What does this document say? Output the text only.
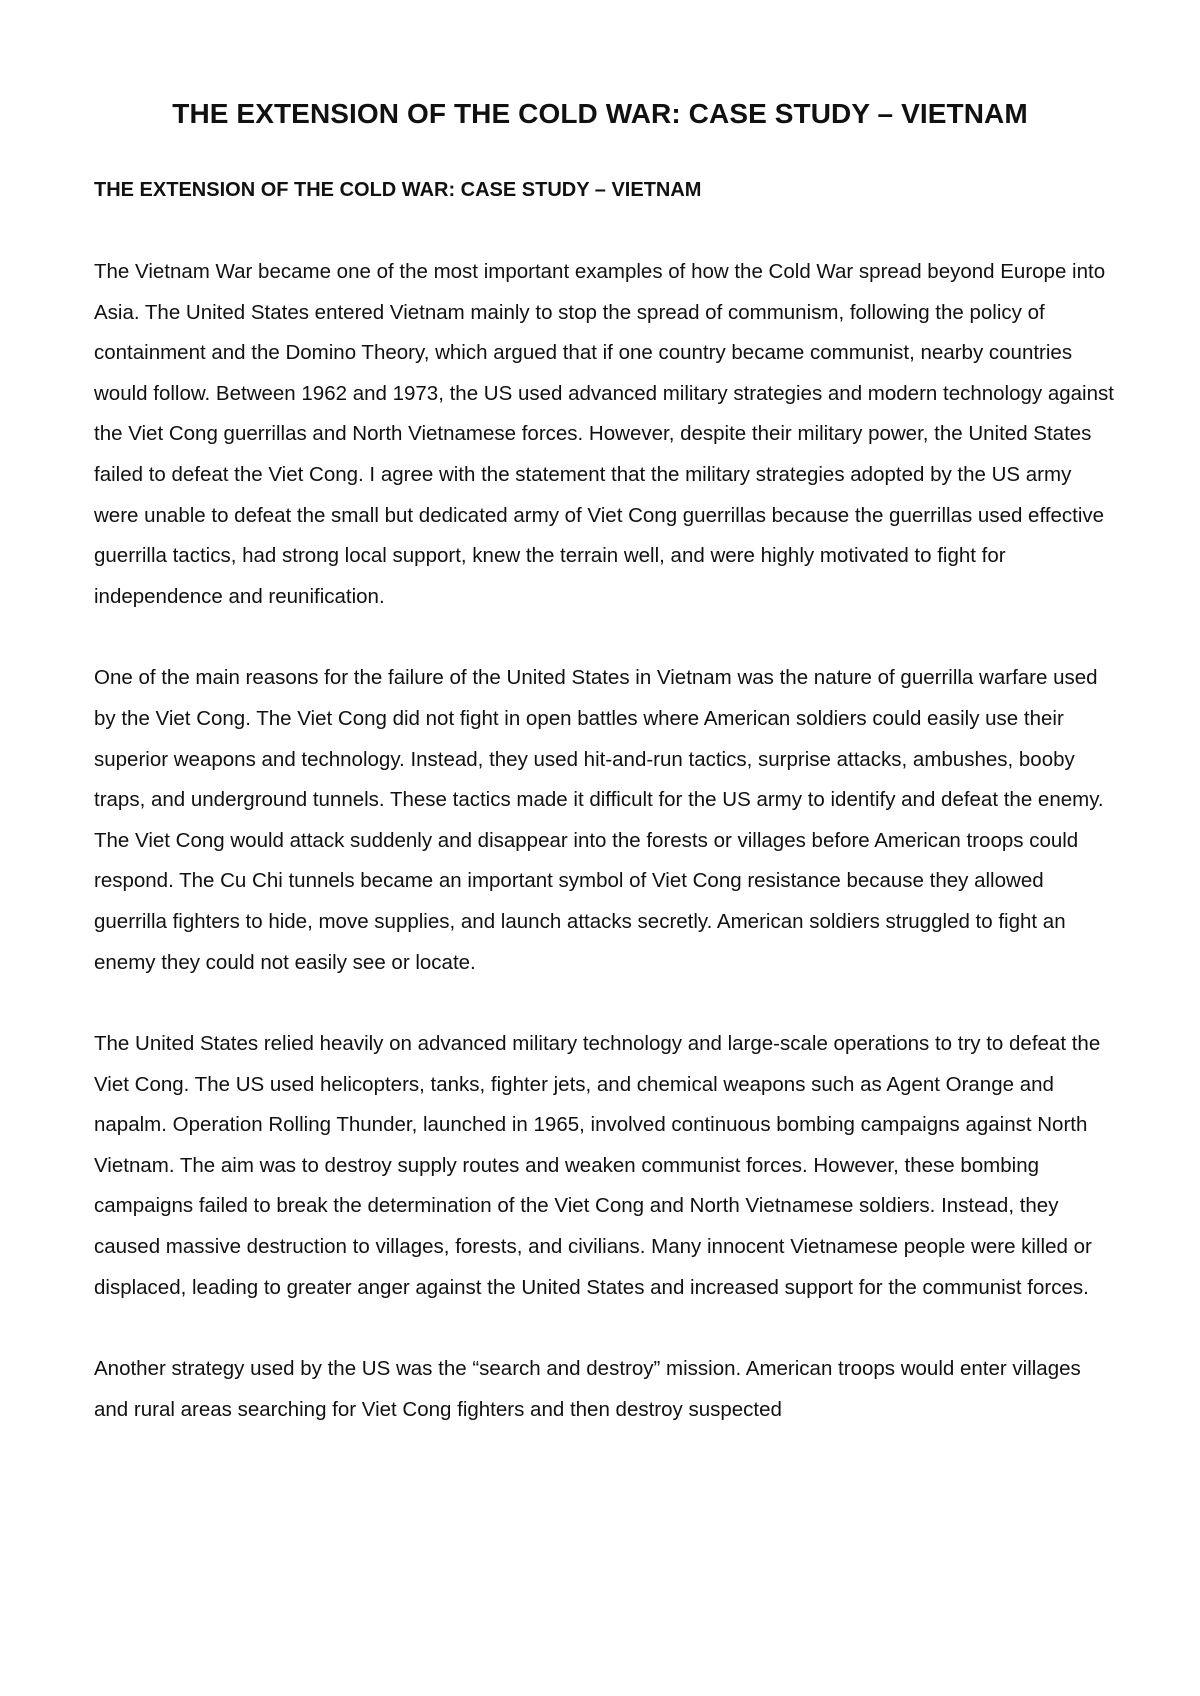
THE EXTENSION OF THE COLD WAR: CASE STUDY – VIETNAM
THE EXTENSION OF THE COLD WAR: CASE STUDY – VIETNAM

The Vietnam War became one of the most important examples of how the Cold War spread beyond Europe into Asia. The United States entered Vietnam mainly to stop the spread of communism, following the policy of containment and the Domino Theory, which argued that if one country became communist, nearby countries would follow. Between 1962 and 1973, the US used advanced military strategies and modern technology against the Viet Cong guerrillas and North Vietnamese forces. However, despite their military power, the United States failed to defeat the Viet Cong. I agree with the statement that the military strategies adopted by the US army were unable to defeat the small but dedicated army of Viet Cong guerrillas because the guerrillas used effective guerrilla tactics, had strong local support, knew the terrain well, and were highly motivated to fight for independence and reunification.

One of the main reasons for the failure of the United States in Vietnam was the nature of guerrilla warfare used by the Viet Cong. The Viet Cong did not fight in open battles where American soldiers could easily use their superior weapons and technology. Instead, they used hit-and-run tactics, surprise attacks, ambushes, booby traps, and underground tunnels. These tactics made it difficult for the US army to identify and defeat the enemy. The Viet Cong would attack suddenly and disappear into the forests or villages before American troops could respond. The Cu Chi tunnels became an important symbol of Viet Cong resistance because they allowed guerrilla fighters to hide, move supplies, and launch attacks secretly. American soldiers struggled to fight an enemy they could not easily see or locate.

The United States relied heavily on advanced military technology and large-scale operations to try to defeat the Viet Cong. The US used helicopters, tanks, fighter jets, and chemical weapons such as Agent Orange and napalm. Operation Rolling Thunder, launched in 1965, involved continuous bombing campaigns against North Vietnam. The aim was to destroy supply routes and weaken communist forces. However, these bombing campaigns failed to break the determination of the Viet Cong and North Vietnamese soldiers. Instead, they caused massive destruction to villages, forests, and civilians. Many innocent Vietnamese people were killed or displaced, leading to greater anger against the United States and increased support for the communist forces.

Another strategy used by the US was the “search and destroy” mission. American troops would enter villages and rural areas searching for Viet Cong fighters and then destroy suspected
